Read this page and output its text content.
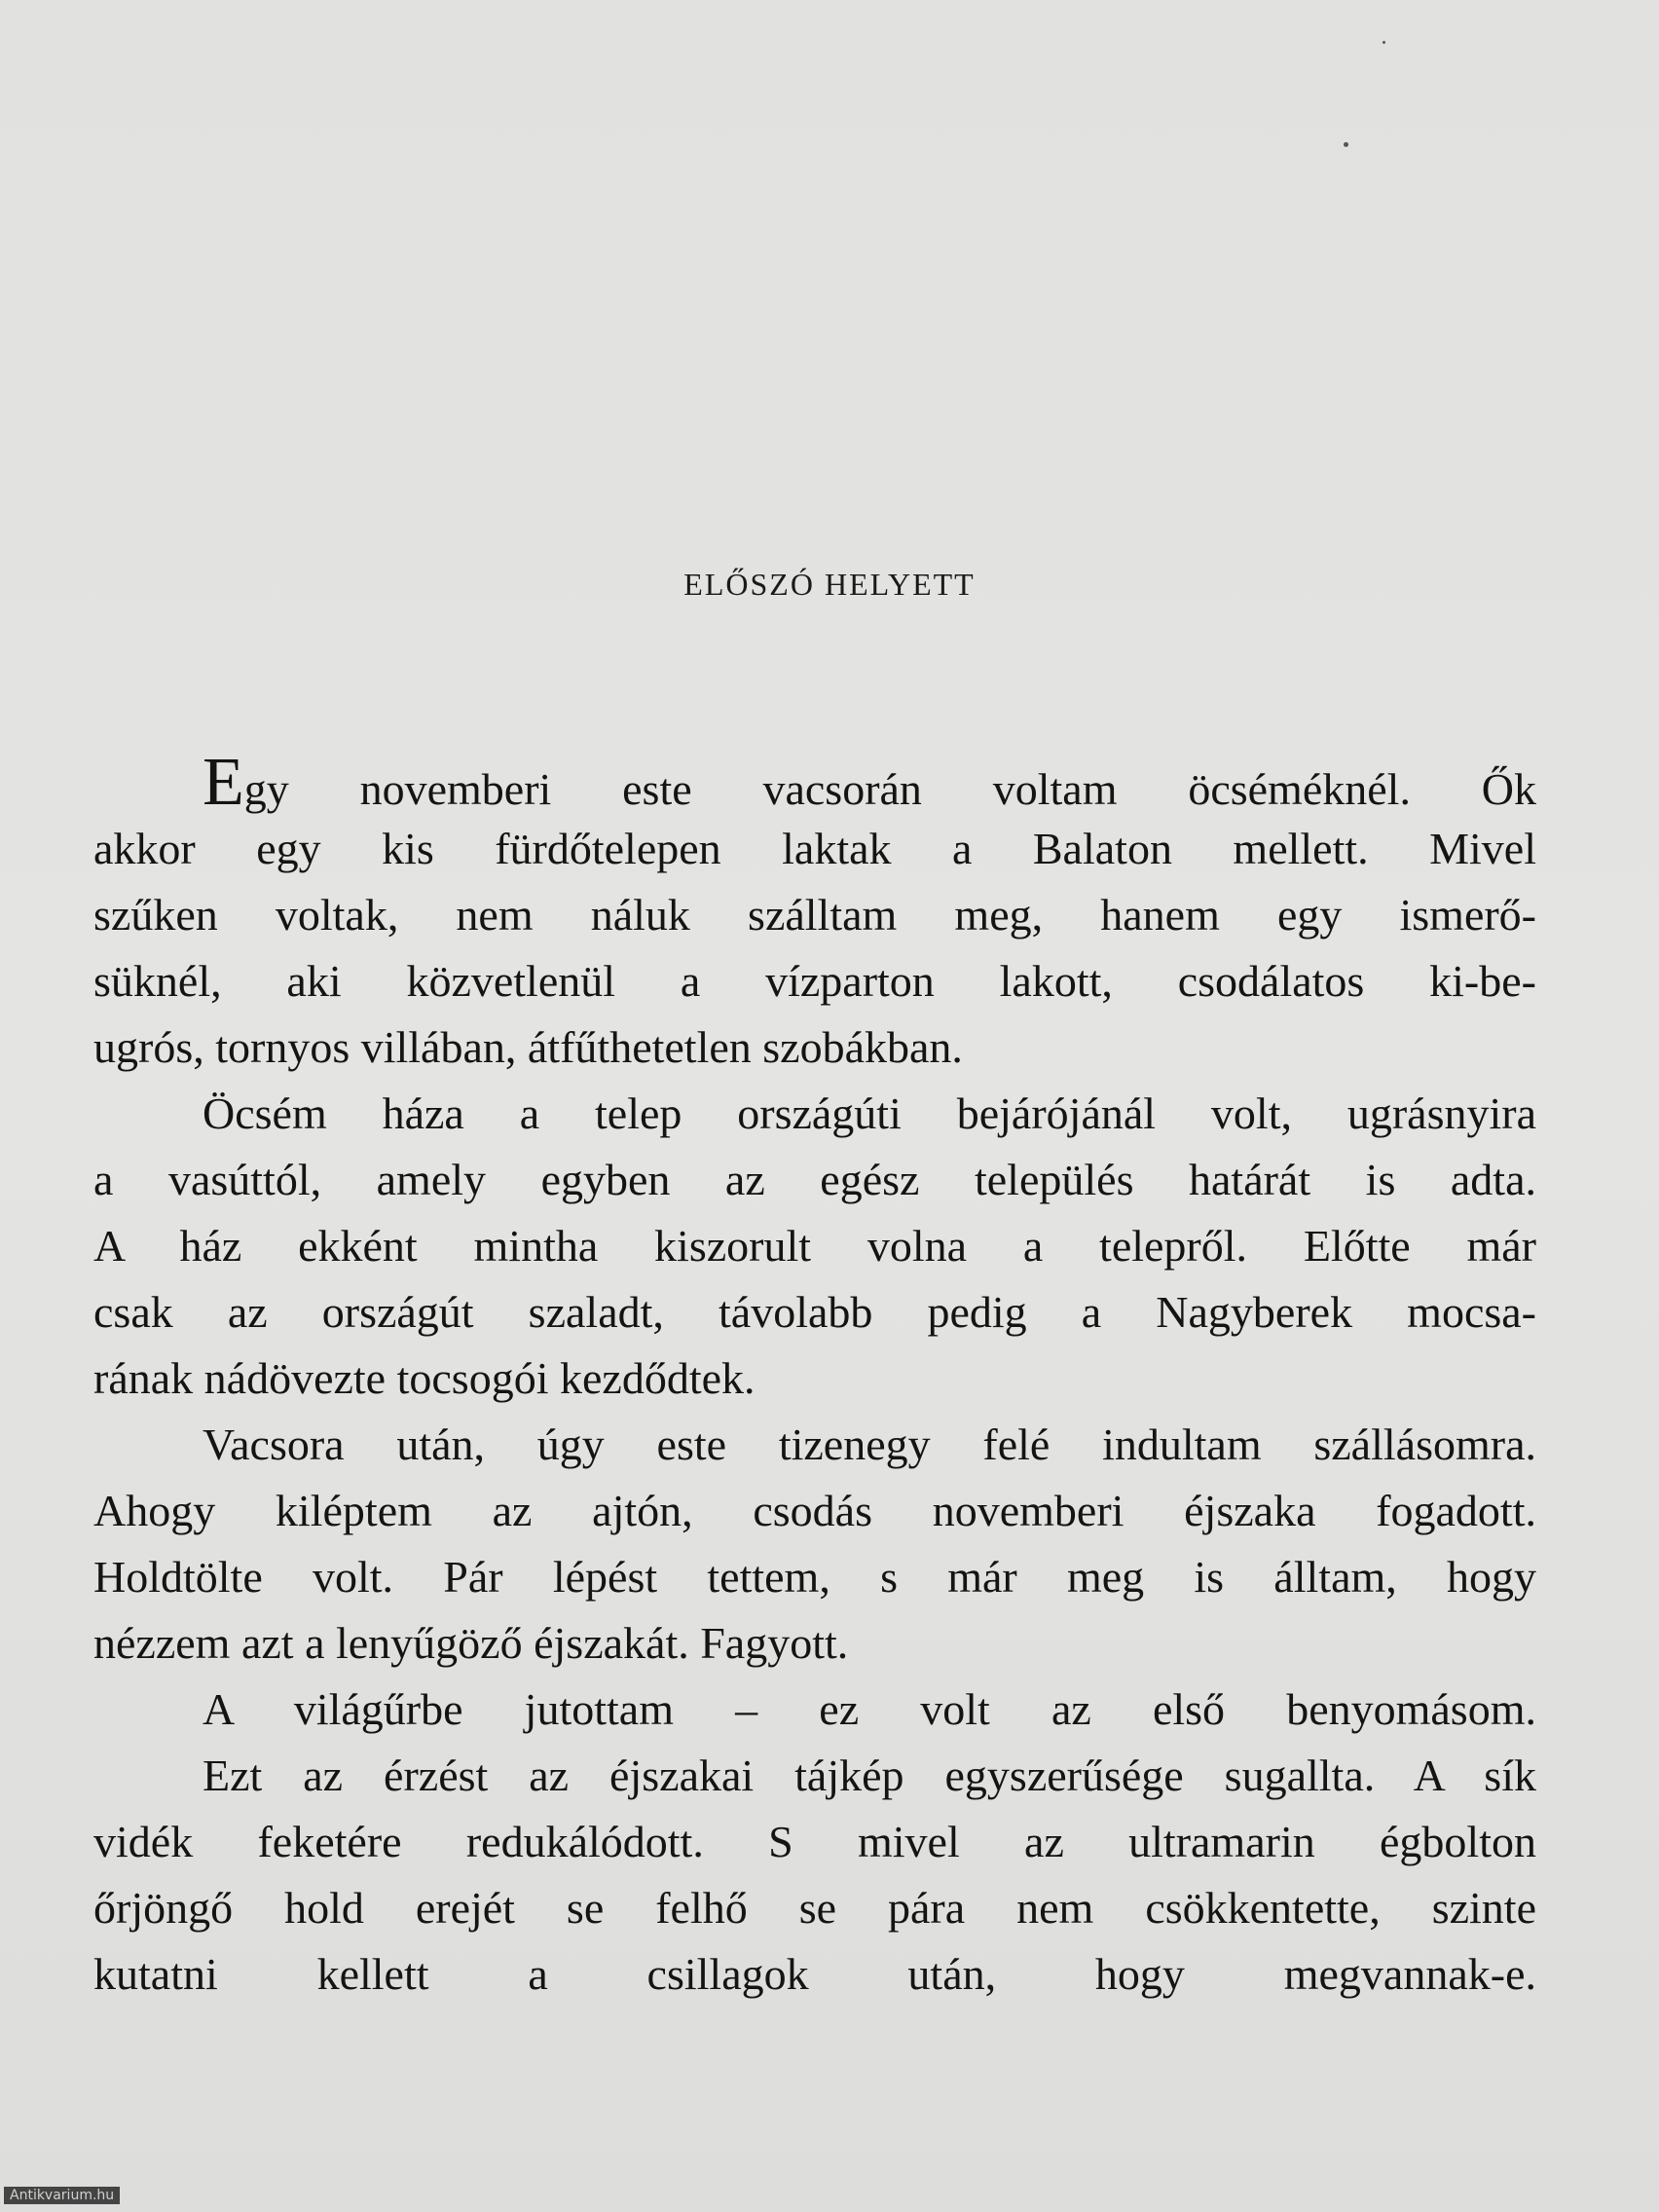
ELŐSZÓ HELYETT
Egy novemberi este vacsorán voltam öcséméknél. Ők
akkor egy kis fürdőtelepen laktak a Balaton mellett. Mivel
szűken voltak, nem náluk szálltam meg, hanem egy ismerő-
süknél, aki közvetlenül a vízparton lakott, csodálatos ki-be-
ugrós, tornyos villában, átfűthetetlen szobákban.
Öcsém háza a telep országúti bejárójánál volt, ugrásnyira
a vasúttól, amely egyben az egész település határát is adta.
A ház ekként mintha kiszorult volna a telepről. Előtte már
csak az országút szaladt, távolabb pedig a Nagyberek mocsa-
rának nádövezte tocsogói kezdődtek.
Vacsora után, úgy este tizenegy felé indultam szállásomra.
Ahogy kiléptem az ajtón, csodás novemberi éjszaka fogadott.
Holdtölte volt. Pár lépést tettem, s már meg is álltam, hogy
nézzem azt a lenyűgöző éjszakát. Fagyott.
A világűrbe jutottam – ez volt az első benyomásom.
Ezt az érzést az éjszakai tájkép egyszerűsége sugallta. A sík
vidék feketére redukálódott. S mivel az ultramarin égbolton
őrjöngő hold erejét se felhő se pára nem csökkentette, szinte
kutatni kellett a csillagok után, hogy megvannak-e.
Antikvarium.hu
